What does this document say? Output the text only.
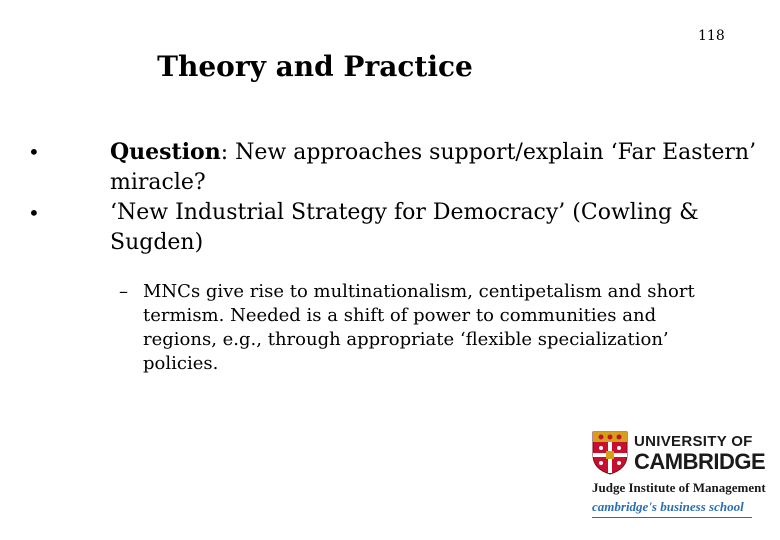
118
Theory and Practice
•	Question: New approaches support/explain ‘Far Eastern’ miracle?
•	‘New Industrial Strategy for Democracy’ (Cowling & Sugden)
– MNCs give rise to multinationalism, centipetalism and short termism. Needed is a shift of power to communities and regions, e.g., through appropriate ‘flexible specialization’ policies.
UNIVERSITY OF
CAMBRIDGE
Judge Institute of Management
cambridge's business school
